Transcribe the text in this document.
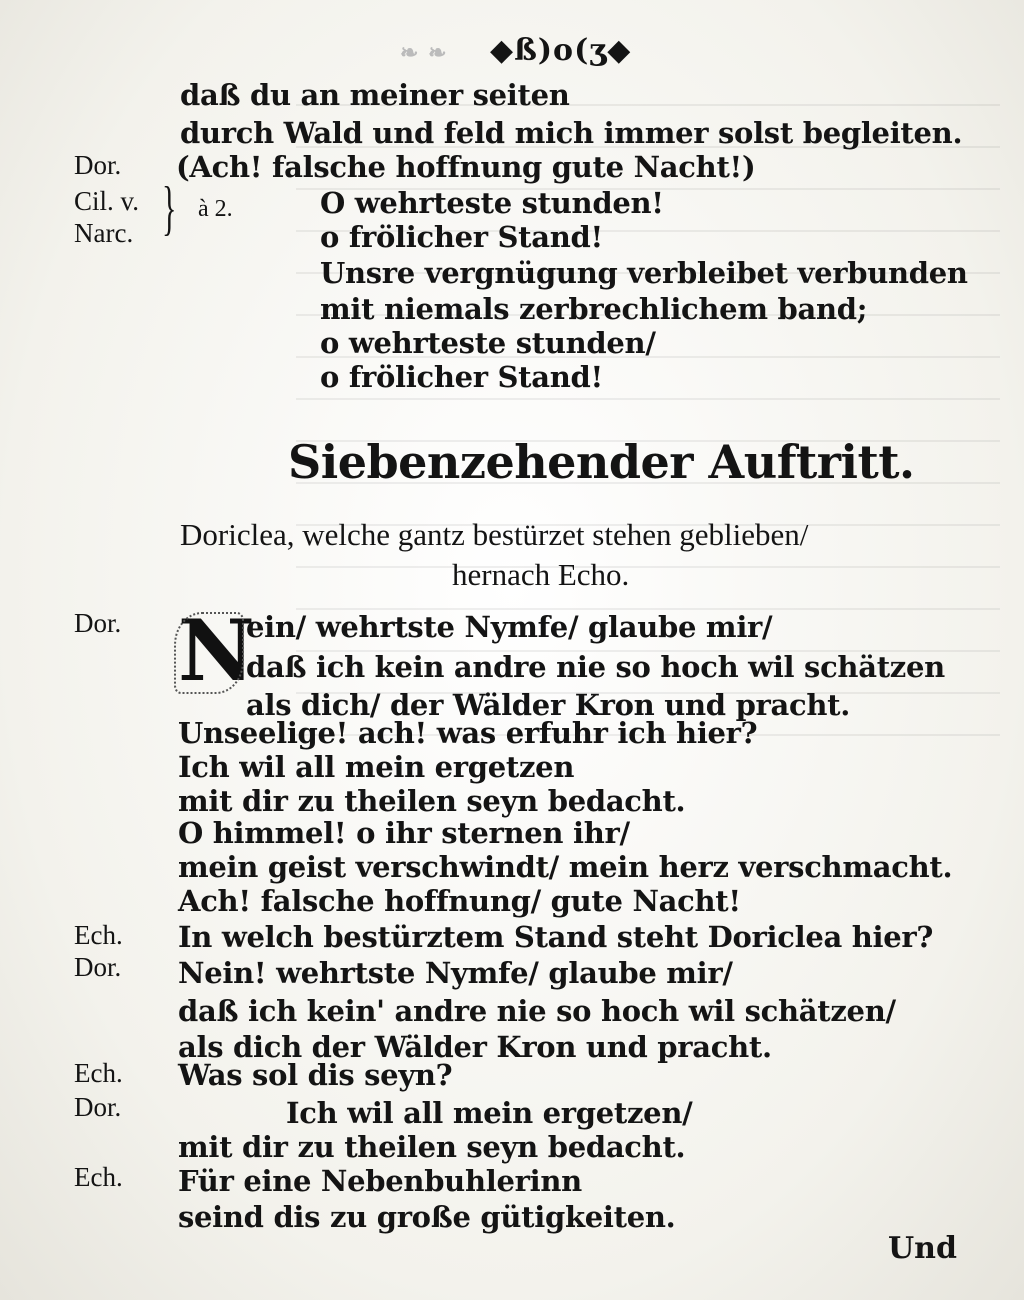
❧ ❧ ◆ß)o(ʒ◆
daß du an meiner seiten
durch Wald und feld mich immer solst begleiten.
Dor. (Ach! falsche hoffnung gute Nacht!)
Cil. v.
Narc. } à 2.	O wehrteste stunden!
o frölicher Stand!
Unsre vergnügung verbleibet verbunden
mit niemals zerbrechlichem band;
o wehrteste stunden/
o frölicher Stand!
Siebenzehender Auftritt.
Doriclea, welche gantz bestürzet stehen geblieben/
hernach Echo.
Dor. N
ein/ wehrtste Nymfe/ glaube mir/
daß ich kein andre nie so hoch wil schätzen
als dich/ der Wälder Kron und pracht.
Unseelige! ach! was erfuhr ich hier?
Ich wil all mein ergetzen
mit dir zu theilen seyn bedacht.
O himmel! o ihr sternen ihr/
mein geist verschwindt/ mein herz verschmacht.
Ach! falsche hoffnung/ gute Nacht!
Ech. In welch bestürztem Stand steht Doriclea hier?
Dor. Nein! wehrtste Nymfe/ glaube mir/
daß ich kein' andre nie so hoch wil schätzen/
als dich der Wälder Kron und pracht.
Ech. Was sol dis seyn?
Dor.	Ich wil all mein ergetzen/
mit dir zu theilen seyn bedacht.
Ech. Für eine Nebenbuhlerinn
seind dis zu große gütigkeiten.
Und
